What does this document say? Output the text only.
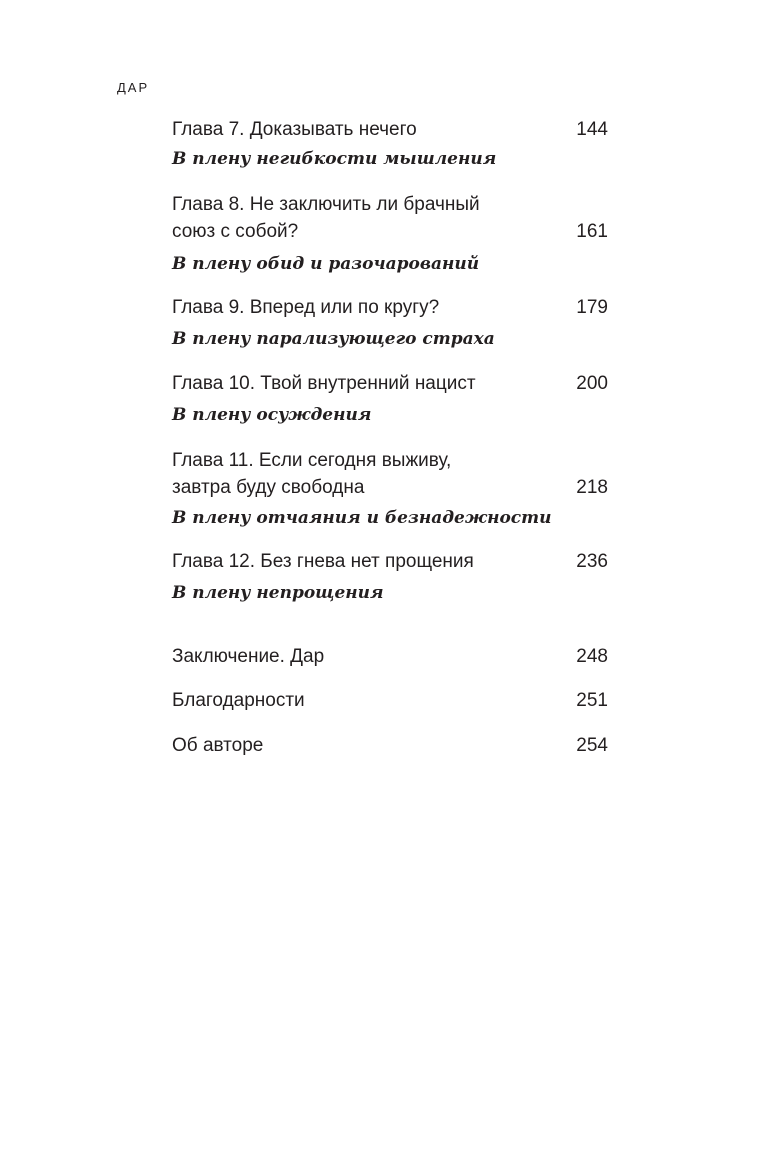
ДАР
Глава 7. Доказывать нечего	144
В плену негибкости мышления
Глава 8. Не заключить ли брачный
союз с собой?	161
В плену обид и разочарований
Глава 9. Вперед или по кругу?	179
В плену парализующего страха
Глава 10. Твой внутренний нацист	200
В плену осуждения
Глава 11. Если сегодня выживу,
завтра буду свободна	218
В плену отчаяния и безнадежности
Глава 12. Без гнева нет прощения	236
В плену непрощения
Заключение. Дар	248
Благодарности	251
Об авторе	254
